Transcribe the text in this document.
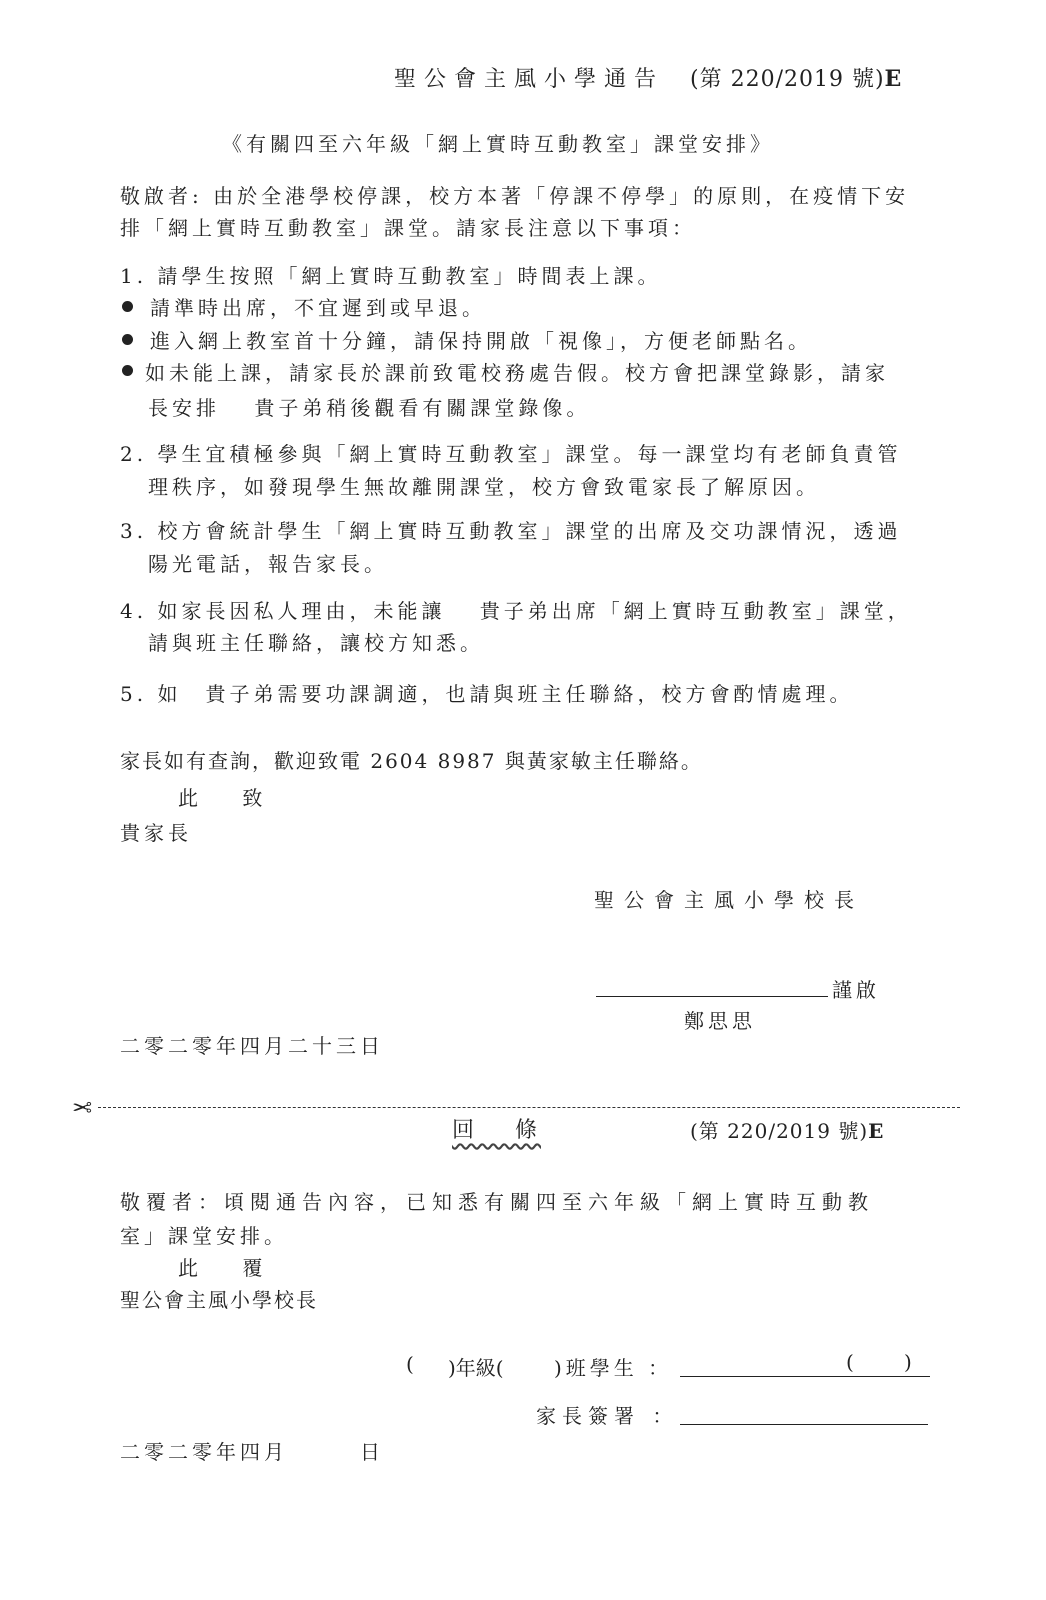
聖公會主風小學通告 (第 220/2019 號)E
《有關四至六年級「網上實時互動教室」課堂安排》
敬啟者: 由於全港學校停課，校方本著「停課不停學」的原則，在疫情下安
排「網上實時互動教室」課堂。請家長注意以下事項：
1. 請學生按照「網上實時互動教室」時間表上課。
請準時出席，不宜遲到或早退。
進入網上教室首十分鐘，請保持開啟「視像」，方便老師點名。
如未能上課，請家長於課前致電校務處告假。校方會把課堂錄影，請家
長安排　 貴子弟稍後觀看有關課堂錄像。
2. 學生宜積極參與「網上實時互動教室」課堂。每一課堂均有老師負責管
理秩序，如發現學生無故離開課堂，校方會致電家長了解原因。
3. 校方會統計學生「網上實時互動教室」課堂的出席及交功課情況，透過
陽光電話，報告家長。
4. 如家長因私人理由，未能讓　 貴子弟出席「網上實時互動教室」課堂，
請與班主任聯絡，讓校方知悉。
5. 如　貴子弟需要功課調適，也請與班主任聯絡，校方會酌情處理。
家長如有查詢，歡迎致電 2604 8987 與黃家敏主任聯絡。
此　 致
貴家長
聖公會主風小學校長
謹啟
鄭思思
二零二零年四月二十三日
✂
回　 條	(第 220/2019 號)E
敬覆者：頃閱通告內容，已知悉有關四至六年級「網上實時互動教
室」課堂安排。
此　 覆
聖公會主風小學校長
( )年級(	)班學生 ：	(	)
家長簽署 ：
二零二零年四月　　　日
